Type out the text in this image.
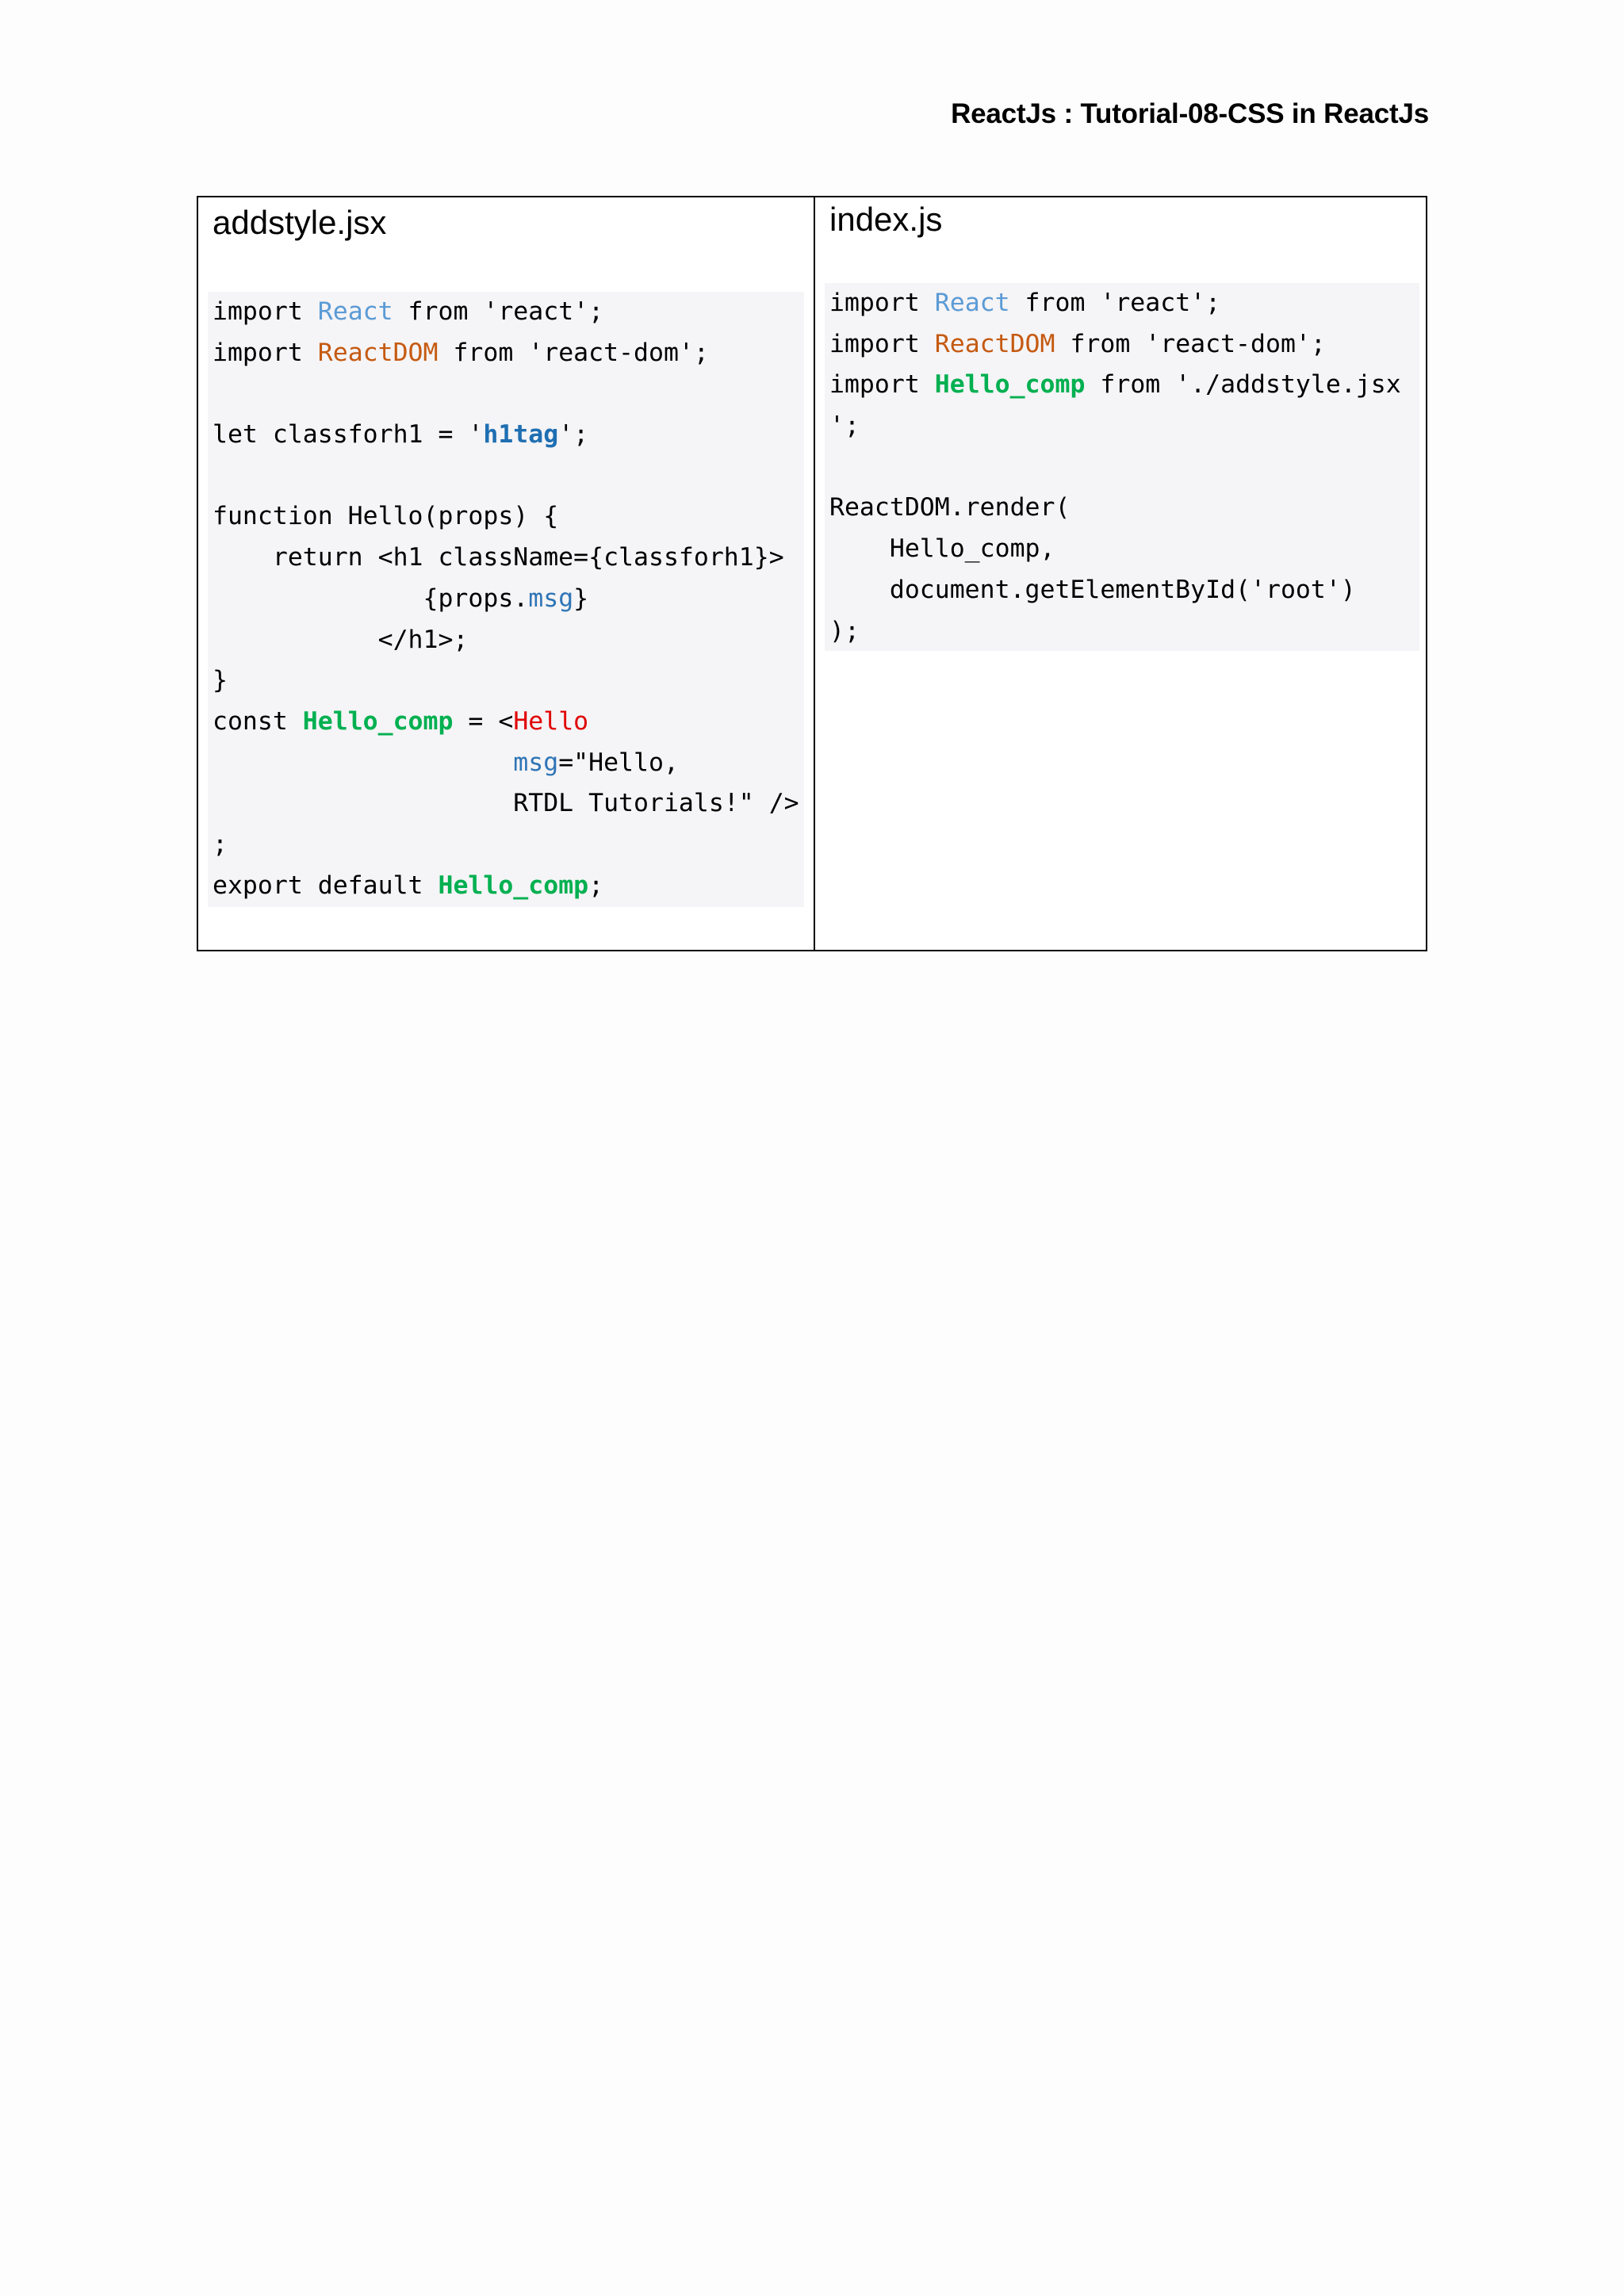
ReactJs : Tutorial-08-CSS in ReactJs
addstyle.jsx
import React from 'react';
import ReactDOM from 'react-dom';
let classforh1 = 'h1tag';
function Hello(props) {
return <h1 className={classforh1}>
{props.msg}
</h1>;
}
const Hello_comp = <Hello
msg="Hello,
RTDL Tutorials!" />
;
export default Hello_comp;
index.js
import React from 'react';
import ReactDOM from 'react-dom';
import Hello_comp from './addstyle.jsx
';
ReactDOM.render(
Hello_comp,
document.getElementById('root')
);
